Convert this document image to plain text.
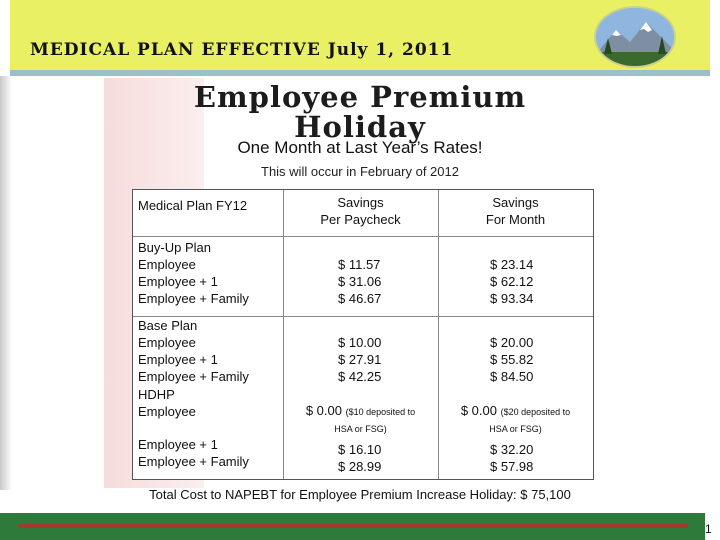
MEDICAL PLAN EFFECTIVE July 1, 2011
Employee Premium
Holiday
One Month at Last Year’s Rates!
This will occur in February of 2012
Medical Plan FY12	Savings
Per Paycheck
Savings
For Month
Buy-Up Plan
Employee
Employee + 1
Employee + Family
$ 11.57
$ 31.06
$ 46.67
$ 23.14
$ 62.12
$ 93.34
Base Plan
Employee
Employee + 1
Employee + Family
$ 10.00
$ 27.91
$ 42.25
$ 20.00
$ 55.82
$ 84.50
HDHP
Employee	$ 0.00 ($10 deposited to
HSA or FSG)
$ 0.00 ($20 deposited to
HSA or FSG)
Employee + 1
Employee + Family
$ 16.10
$ 28.99
$ 32.20
$ 57.98
Total Cost to NAPEBT for Employee Premium Increase Holiday: $ 75,100
1
